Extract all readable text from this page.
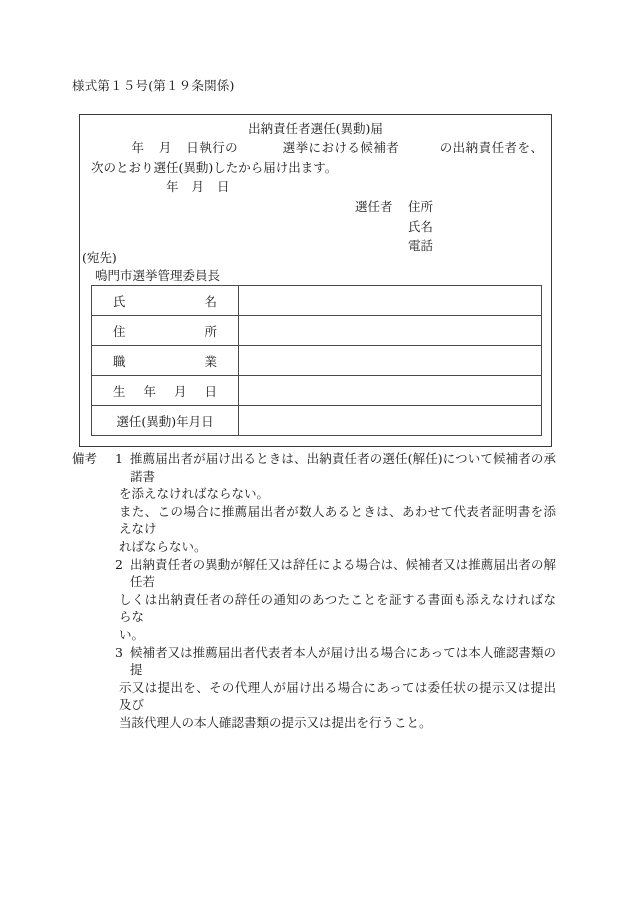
様式第１５号(第１９条関係)
出納責任者選任(異動)届
年 月 日執行の	選挙における候補者	の出納責任者を、次のとおり選任(異動)したから届け出ます。
年 月 日
選任者 住所
氏名
電話
(宛先)
鳴門市選挙管理委員長
氏　　名	
住　　所	
職　　業	
生　年　月　日	
選任(異動)年月日	
備考 1 推薦届出者が届け出るときは、出納責任者の選任(解任)について候補者の承諾書

を添えなければならない。

また、この場合に推薦届出者が数人あるときは、あわせて代表者証明書を添えなけ

ればならない。

2 出納責任者の異動が解任又は辞任による場合は、候補者又は推薦届出者の解任若

しくは出納責任者の辞任の通知のあつたことを証する書面も添えなければならな

い。

3 候補者又は推薦届出者代表者本人が届け出る場合にあっては本人確認書類の提

示又は提出を、その代理人が届け出る場合にあっては委任状の提示又は提出及び

当該代理人の本人確認書類の提示又は提出を行うこと。
